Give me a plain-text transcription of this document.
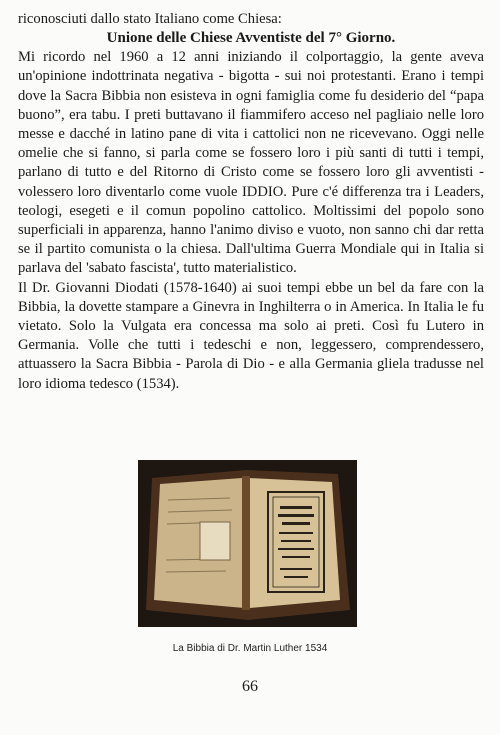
riconosciuti dallo stato Italiano come Chiesa:

Unione delle Chiese Avventiste del 7° Giorno.

Mi ricordo nel 1960 a 12 anni iniziando il colportaggio, la gente aveva un'opinione indottrinata negativa - bigotta - sui noi protestanti. Erano i tempi dove la Sacra Bibbia non esisteva in ogni famiglia come fu desiderio del “papa buono”, era tabu. I preti buttavano il fiammifero acceso nel pagliaio nelle loro messe e dacché in latino pane di vita i cattolici non ne ricevevano. Oggi nelle omelie che si fanno, si parla come se fossero loro i più santi di tutti i tempi, parlano di tutto e del Ritorno di Cristo come se fossero loro gli avventisti - volessero loro diventarlo come vuole IDDIO. Pure c'é differenza tra i Leaders, teologi, esegeti e il comun popolino cattolico. Moltissimi del popolo sono superficiali in apparenza, hanno l'animo diviso e vuoto, non sanno chi dar retta se il partito comunista o la chiesa. Dall'ultima Guerra Mondiale qui in Italia si parlava del 'sabato fascista', tutto materialistico.

Il Dr. Giovanni Diodati (1578-1640) ai suoi tempi ebbe un bel da fare con la Bibbia, la dovette stampare a Ginevra in Inghilterra o in America. In Italia le fu vietato. Solo la Vulgata era concessa ma solo ai preti. Così fu Lutero in Germania. Volle che tutti i tedeschi e non, leggessero, comprendessero, attuassero la Sacra Bibbia - Parola di Dio - e alla Germania gliela tradusse nel loro idioma tedesco (1534).

La Bibbia di Dr. Martin Luther 1534
66
